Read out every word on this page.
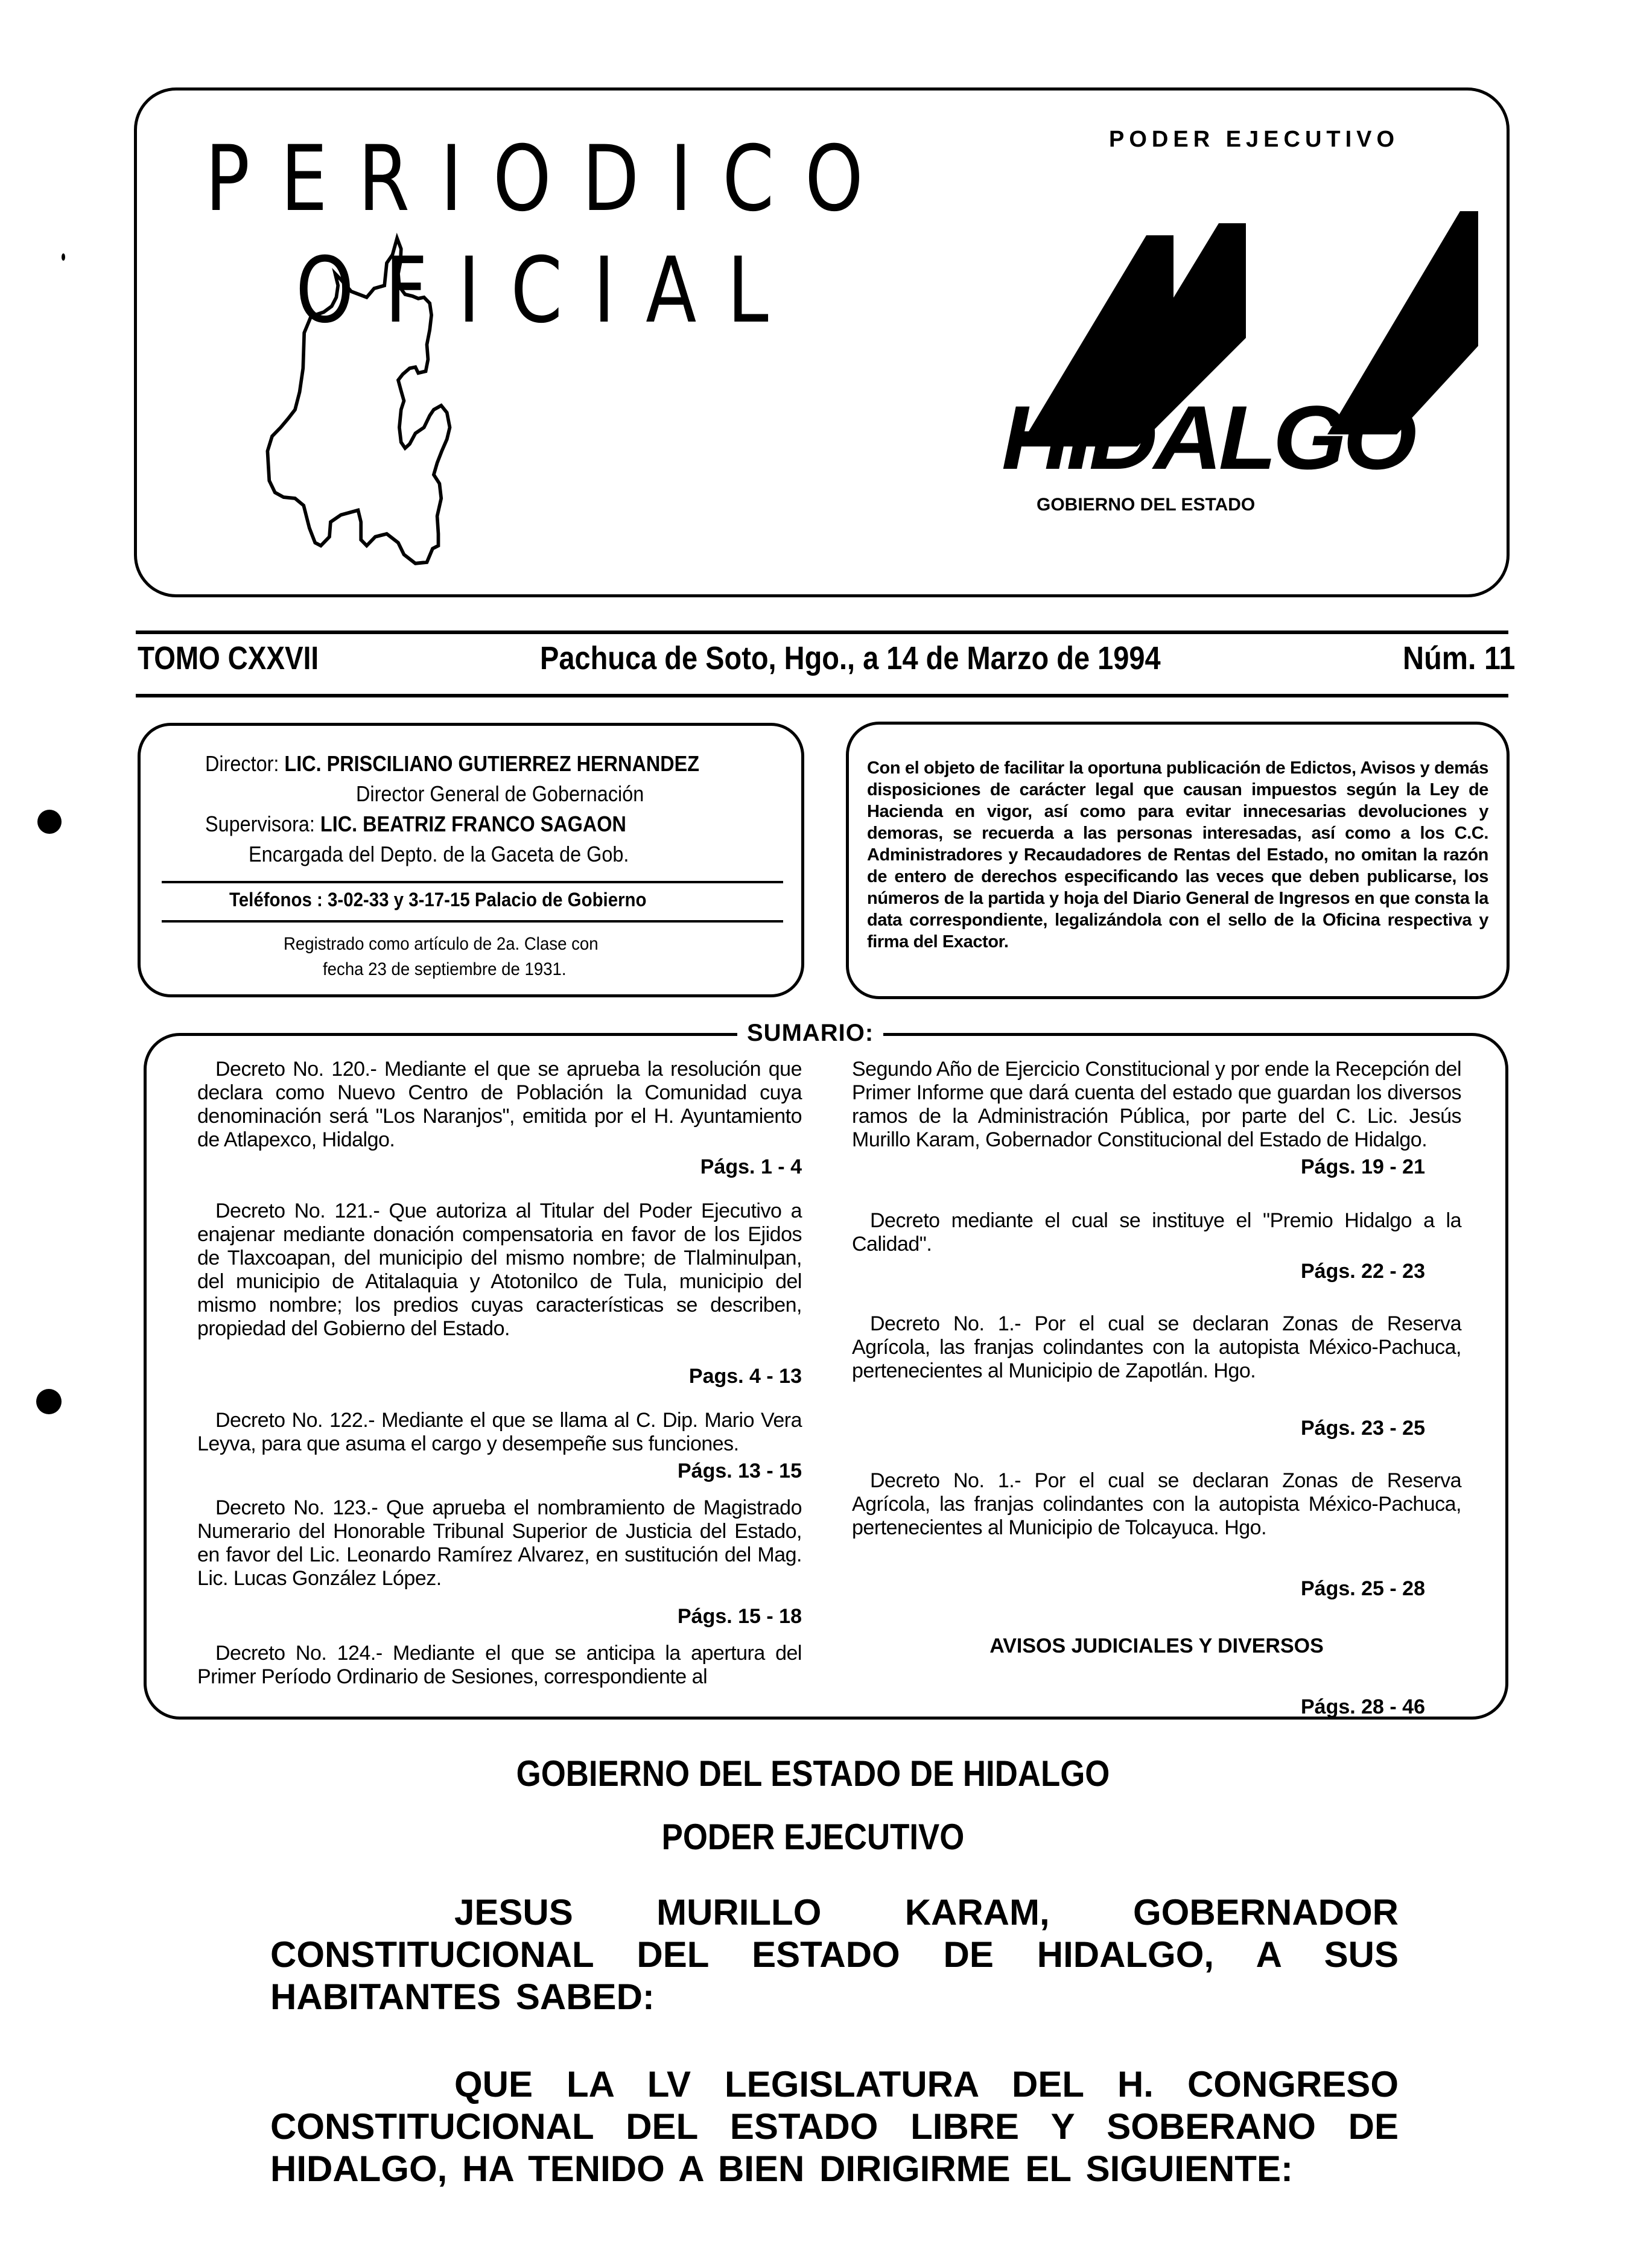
PERIODICO
OFICIAL
PODER EJECUTIVO
HIDALGO
GOBIERNO DEL ESTADO
TOMO CXXVII	Pachuca de Soto, Hgo., a 14 de Marzo de 1994	Núm. 11
Director: LIC. PRISCILIANO GUTIERREZ HERNANDEZ
Director General de Gobernación
Supervisora: LIC. BEATRIZ FRANCO SAGAON
Encargada del Depto. de la Gaceta de Gob.
Teléfonos : 3-02-33 y 3-17-15 Palacio de Gobierno
Registrado como artículo de 2a. Clase con
fecha 23 de septiembre de 1931.
Con el objeto de facilitar la oportuna publicación de Edictos, Avisos y demás disposiciones de carácter legal que causan impuestos según la Ley de Hacienda en vigor, así como para evitar innecesarias devoluciones y demoras, se recuerda a las personas interesadas, así como a los C.C. Administradores y Recaudadores de Rentas del Estado, no omitan la razón de entero de derechos especificando las veces que deben publicarse, los números de la partida y hoja del Diario General de Ingresos en que consta la data correspondiente, legalizándola con el sello de la Oficina respectiva y firma del Exactor.
SUMARIO:
Decreto No. 120.- Mediante el que se aprueba la resolución que declara como Nuevo Centro de Población la Comunidad cuya denominación será "Los Naranjos", emitida por el H. Ayuntamiento de Atlapexco, Hidalgo.
Págs. 1 - 4
Decreto No. 121.- Que autoriza al Titular del Poder Ejecutivo a enajenar mediante donación compensatoria en favor de los Ejidos de Tlaxcoapan, del municipio del mismo nombre; de Tlalminulpan, del municipio de Atitalaquia y Atotonilco de Tula, municipio del mismo nombre; los predios cuyas características se describen, propiedad del Gobierno del Estado.
Pags. 4 - 13
Decreto No. 122.- Mediante el que se llama al C. Dip. Mario Vera Leyva, para que asuma el cargo y desempeñe sus funciones.
Págs. 13 - 15
Decreto No. 123.- Que aprueba el nombramiento de Magistrado Numerario del Honorable Tribunal Superior de Justicia del Estado, en favor del Lic. Leonardo Ramírez Alvarez, en sustitución del Mag. Lic. Lucas González López.
Págs. 15 - 18
Decreto No. 124.- Mediante el que se anticipa la apertura del Primer Período Ordinario de Sesiones, correspondiente al
Segundo Año de Ejercicio Constitucional y por ende la Recepción del Primer Informe que dará cuenta del estado que guardan los diversos ramos de la Administración Pública, por parte del C. Lic. Jesús Murillo Karam, Gobernador Constitucional del Estado de Hidalgo.
Págs. 19 - 21
Decreto mediante el cual se instituye el "Premio Hidalgo a la Calidad".
Págs. 22 - 23
Decreto No. 1.- Por el cual se declaran Zonas de Reserva Agrícola, las franjas colindantes con la autopista México-Pachuca, pertenecientes al Municipio de Zapotlán. Hgo.
Págs. 23 - 25
Decreto No. 1.- Por el cual se declaran Zonas de Reserva Agrícola, las franjas colindantes con la autopista México-Pachuca, pertenecientes al Municipio de Tolcayuca. Hgo.
Págs. 25 - 28
AVISOS JUDICIALES Y DIVERSOS
Págs. 28 - 46
GOBIERNO DEL ESTADO DE HIDALGO
PODER EJECUTIVO
JESUS MURILLO KARAM, GOBERNADOR CONSTITUCIONAL DEL ESTADO DE HIDALGO, A SUS HABITANTES SABED:
QUE LA LV LEGISLATURA DEL H. CONGRESO CONSTITUCIONAL DEL ESTADO LIBRE Y SOBERANO DE HIDALGO, HA TENIDO A BIEN DIRIGIRME EL SIGUIENTE:
